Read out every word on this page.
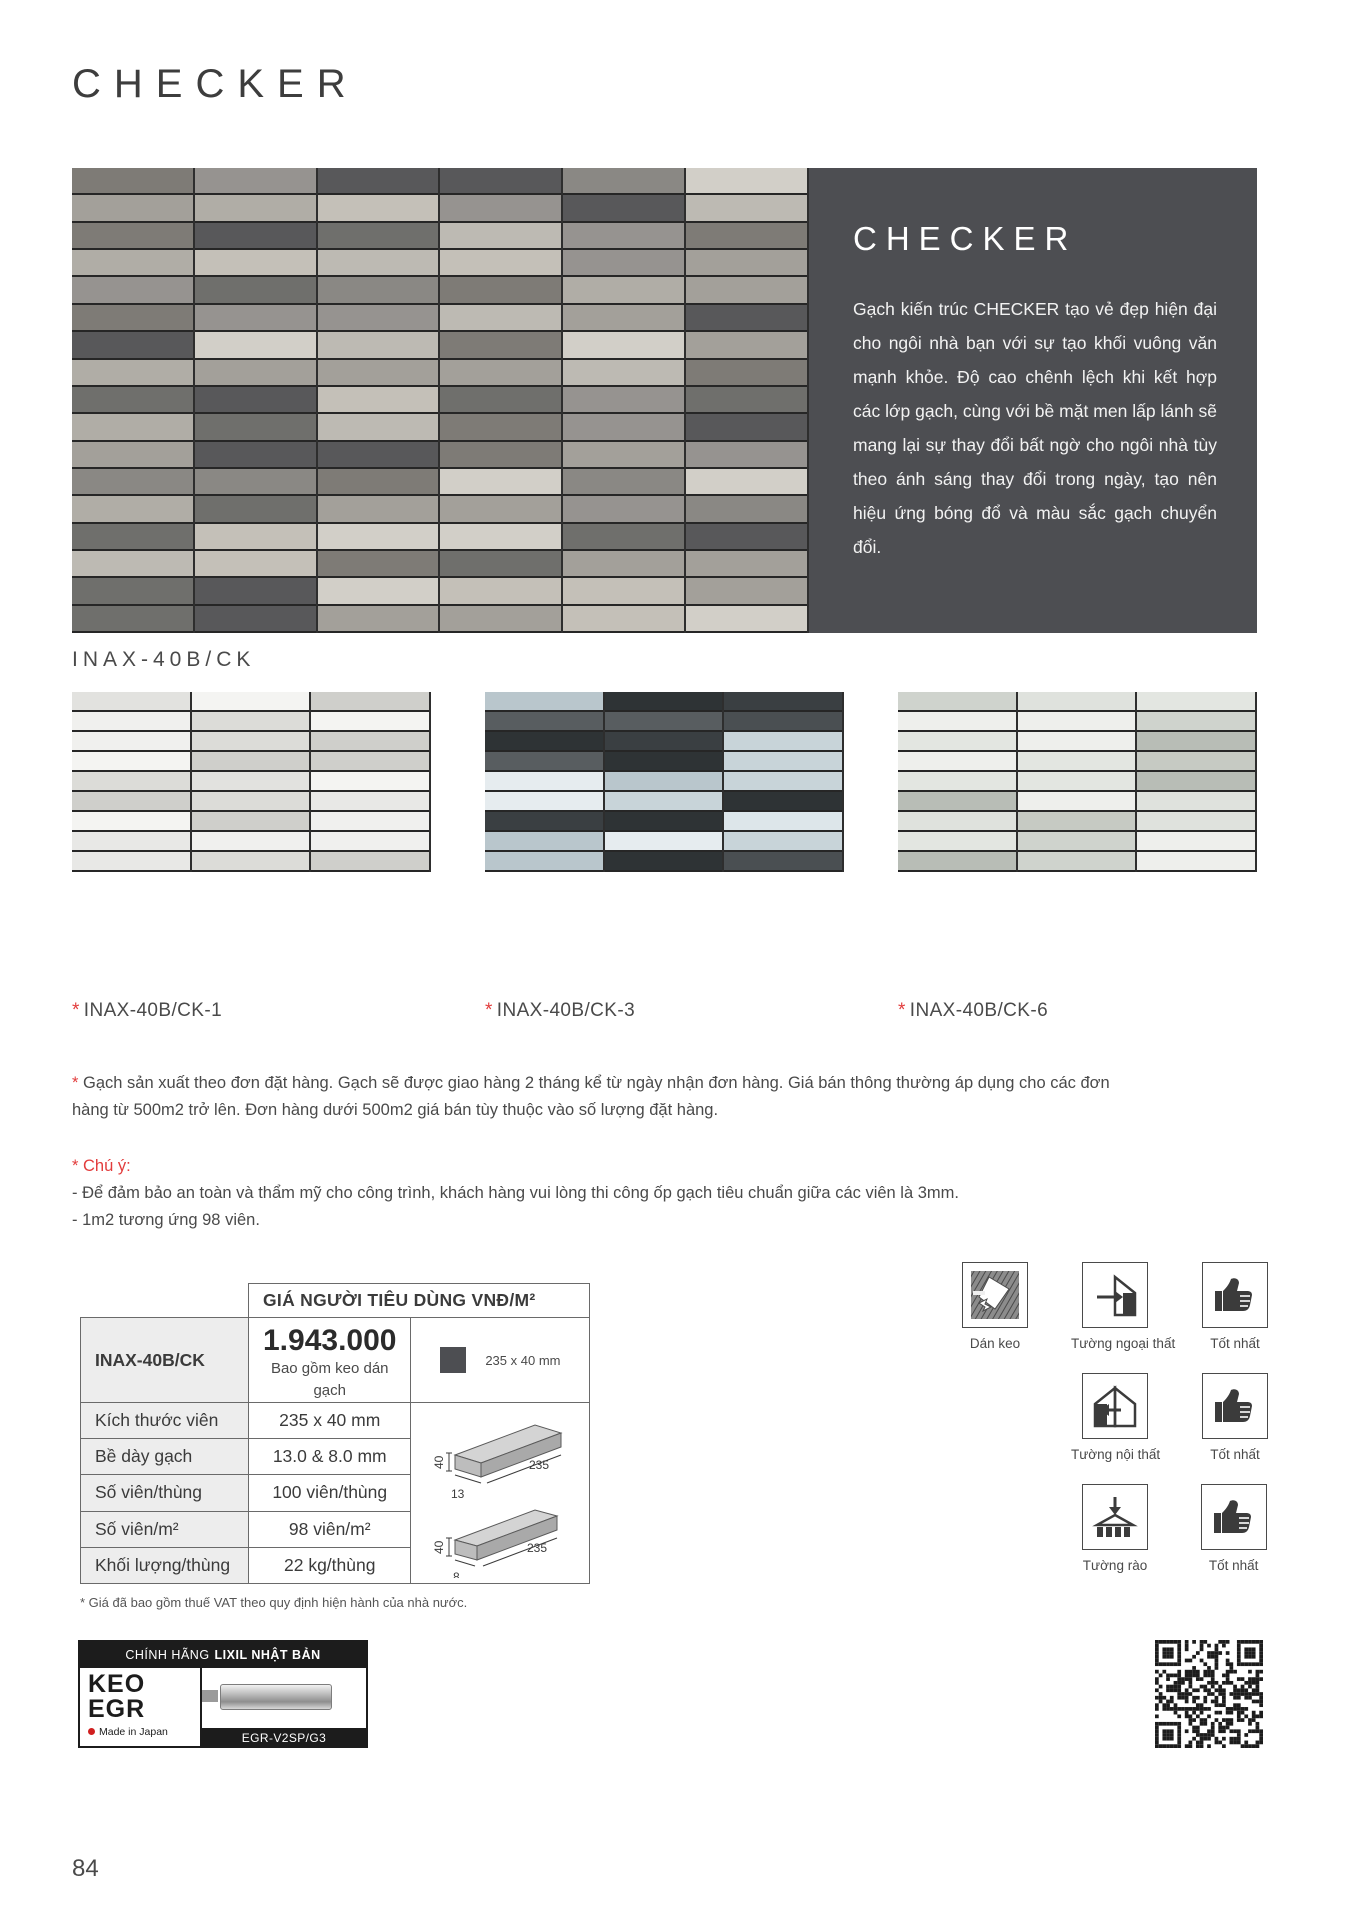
CHECKER
CHECKER

Gạch kiến trúc CHECKER tạo vẻ đẹp hiện đại cho ngôi nhà bạn với sự tạo khối vuông văn mạnh khỏe. Độ cao chênh lệch khi kết hợp các lớp gạch, cùng với bề mặt men lấp lánh sẽ mang lại sự thay đổi bất ngờ cho ngôi nhà tùy theo ánh sáng thay đổi trong ngày, tạo nên hiệu ứng bóng đổ và màu sắc gạch chuyển đổi.

INAX-40B/CK
* INAX-40B/CK-1	* INAX-40B/CK-3	* INAX-40B/CK-6
* Gạch sản xuất theo đơn đặt hàng. Gạch sẽ được giao hàng 2 tháng kể từ ngày nhận đơn hàng. Giá bán thông thường áp dụng cho các đơn
hàng từ 500m2 trở lên. Đơn hàng dưới 500m2 giá bán tùy thuộc vào số lượng đặt hàng.
* Chú ý:
- Để đảm bảo an toàn và thẩm mỹ cho công trình, khách hàng vui lòng thi công ốp gạch tiêu chuẩn giữa các viên là 3mm.
- 1m2 tương ứng 98 viên.
	GIÁ NGƯỜI TIÊU DÙNG VNĐ/M²	
INAX-40B/CK	1.943.000
Bao gồm keo dán gạch	235 x 40 mm
Kích thước viên	235 x 40 mm	
40
13
235
40
8
235

Bề dày gạch	13.0 & 8.0 mm	
Số viên/thùng	100 viên/thùng	
Số viên/m²	98 viên/m²	
Khối lượng/thùng	22 kg/thùng	
* Giá đã bao gồm thuế VAT theo quy định hiện hành của nhà nước.
Dán keo	Tường ngoại thất	Tốt nhất
Tường nội thất	Tốt nhất
Tường rào	Tốt nhất
CHÍNH HÃNG LIXIL NHẬT BẢN
KEO
EGR
Made in Japan	EGR-V2SP/G3
84
